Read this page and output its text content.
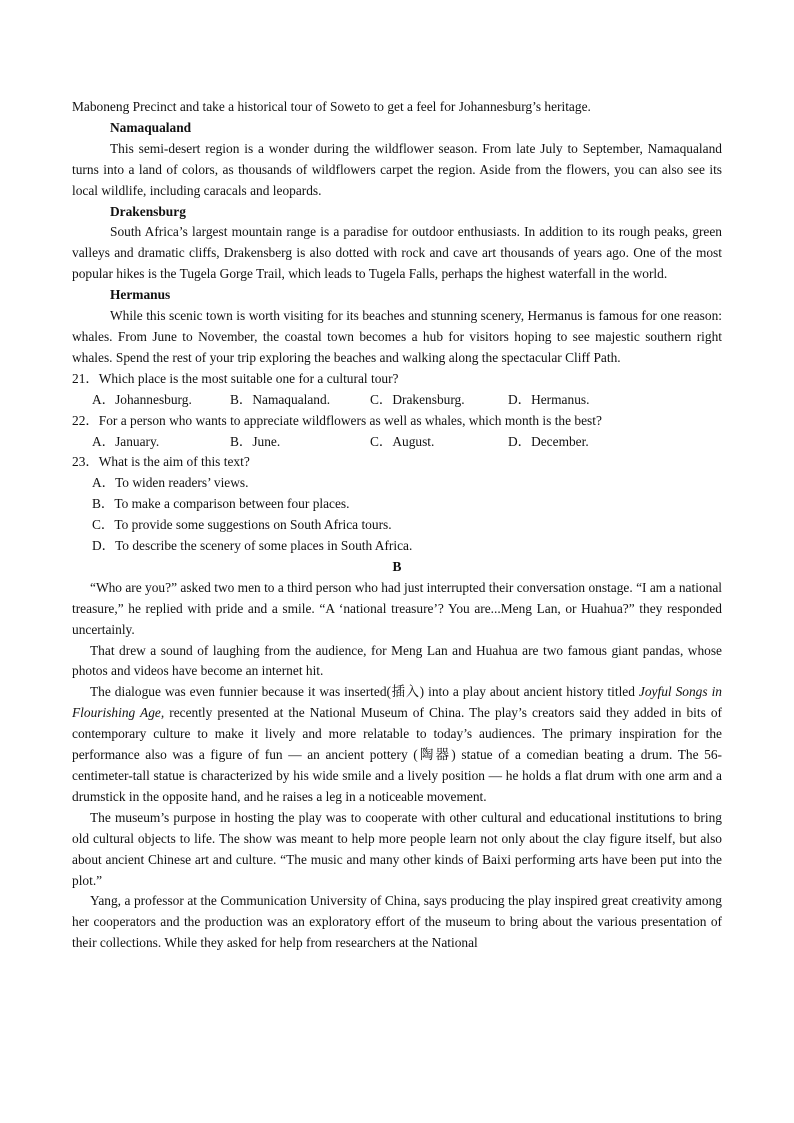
Maboneng Precinct and take a historical tour of Soweto to get a feel for Johannesburg’s heritage.

Namaqualand

This semi-desert region is a wonder during the wildflower season. From late July to September, Namaqualand turns into a land of colors, as thousands of wildflowers carpet the region. Aside from the flowers, you can also see its local wildlife, including caracals and leopards.

Drakensburg

South Africa’s largest mountain range is a paradise for outdoor enthusiasts. In addition to its rough peaks, green valleys and dramatic cliffs, Drakensberg is also dotted with rock and cave art thousands of years ago. One of the most popular hikes is the Tugela Gorge Trail, which leads to Tugela Falls, perhaps the highest waterfall in the world.

Hermanus

While this scenic town is worth visiting for its beaches and stunning scenery, Hermanus is famous for one reason: whales. From June to November, the coastal town becomes a hub for visitors hoping to see majestic southern right whales. Spend the rest of your trip exploring the beaches and walking along the spectacular Cliff Path.

21．Which place is the most suitable one for a cultural tour?

A．Johannesburg.	B．Namaqualand.	C．Drakensburg.	D．Hermanus.

22．For a person who wants to appreciate wildflowers as well as whales, which month is the best?

A．January.	B．June.	C．August.	D．December.

23．What is the aim of this text?

A．To widen readers’ views.

B．To make a comparison between four places.

C．To provide some suggestions on South Africa tours.

D．To describe the scenery of some places in South Africa.

B

“Who are you?” asked two men to a third person who had just interrupted their conversation onstage. “I am a national treasure,” he replied with pride and a smile. “A ‘national treasure’? You are...Meng Lan, or Huahua?” they responded uncertainly.

That drew a sound of laughing from the audience, for Meng Lan and Huahua are two famous giant pandas, whose photos and videos have become an internet hit.

The dialogue was even funnier because it was inserted(插入) into a play about ancient history titled Joyful Songs in Flourishing Age, recently presented at the National Museum of China. The play’s creators said they added in bits of contemporary culture to make it lively and more relatable to today’s audiences. The primary inspiration for the performance also was a figure of fun — an ancient pottery (陶器) statue of a comedian beating a drum. The 56-centimeter-tall statue is characterized by his wide smile and a lively position — he holds a flat drum with one arm and a drumstick in the opposite hand, and he raises a leg in a noticeable movement.

The museum’s purpose in hosting the play was to cooperate with other cultural and educational institutions to bring old cultural objects to life. The show was meant to help more people learn not only about the clay figure itself, but also about ancient Chinese art and culture. “The music and many other kinds of Baixi performing arts have been put into the plot.”

Yang, a professor at the Communication University of China, says producing the play inspired great creativity among her cooperators and the production was an exploratory effort of the museum to bring about the various presentation of their collections. While they asked for help from researchers at the National
